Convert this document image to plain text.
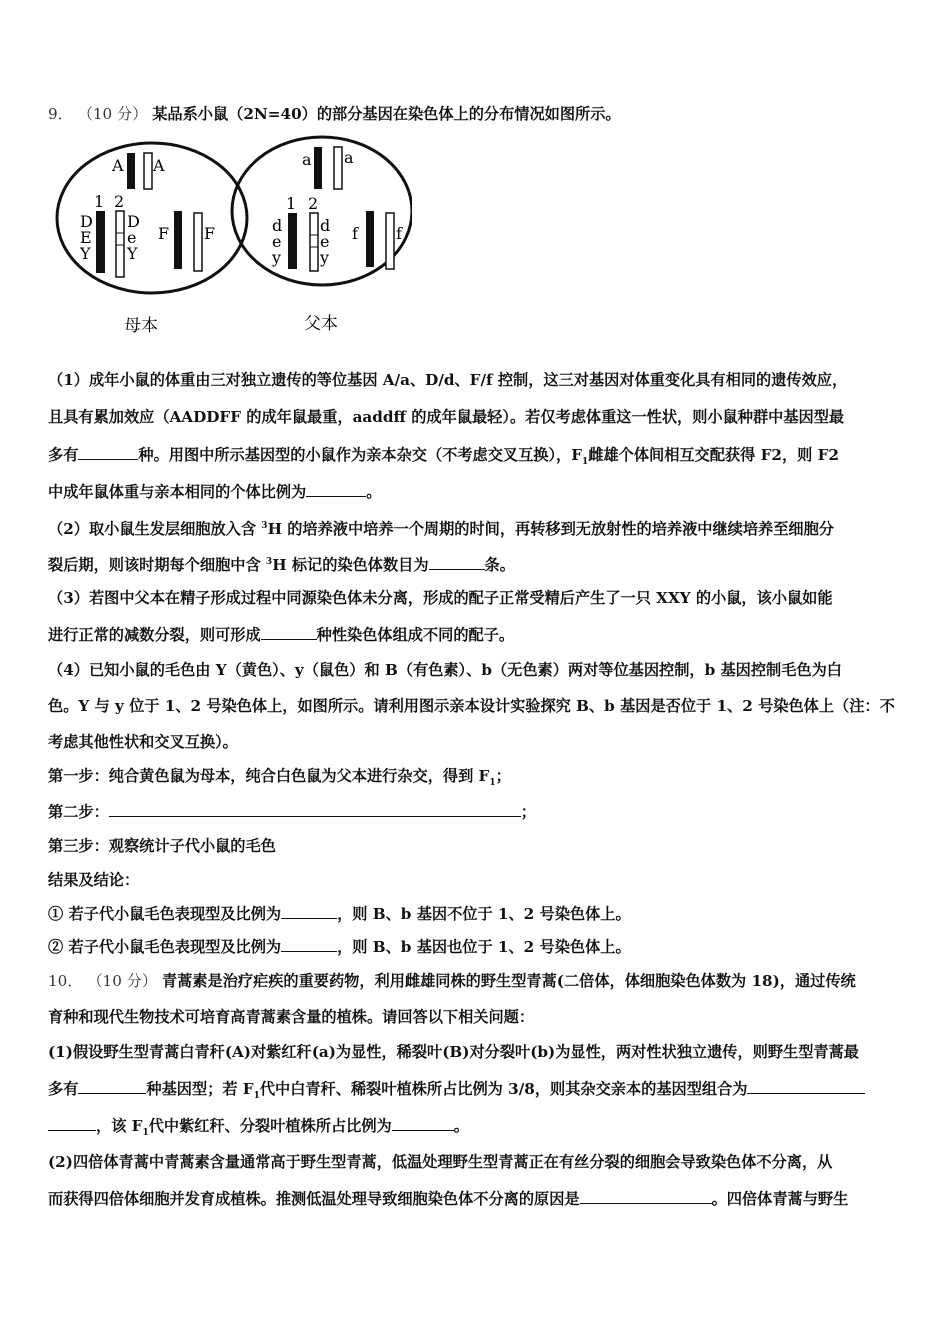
9． （10 分） 某品系小鼠（2N=40）的部分基因在染色体上的分布情况如图所示。
A A
1 2
D
E
Y
D
e
Y
F F
母本
a a
1 2
d
e
y
d
e
y
f f
父本
（1）成年小鼠的体重由三对独立遗传的等位基因 A/a、D/d、F/f 控制，这三对基因对体重变化具有相同的遗传效应，
且具有累加效应（AADDFF 的成年鼠最重，aaddff 的成年鼠最轻）。若仅考虑体重这一性状，则小鼠种群中基因型最
多有	种。用图中所示基因型的小鼠作为亲本杂交（不考虑交叉互换），$F_1$雌雄个体间相互交配获得 F2，则 F2
中成年鼠体重与亲本相同的个体比例为	。
（2）取小鼠生发层细胞放入含 $^3$H 的培养液中培养一个周期的时间，再转移到无放射性的培养液中继续培养至细胞分
裂后期，则该时期每个细胞中含 $^3$H 标记的染色体数目为	条。
（3）若图中父本在精子形成过程中同源染色体未分离，形成的配子正常受精后产生了一只 XXY 的小鼠，该小鼠如能
进行正常的减数分裂，则可形成	种性染色体组成不同的配子。
（4）已知小鼠的毛色由 Y（黄色）、y（鼠色）和 B（有色素）、b（无色素）两对等位基因控制，b 基因控制毛色为白
色。Y 与 y 位于 1、2 号染色体上，如图所示。请利用图示亲本设计实验探究 B、b 基因是否位于 1、2 号染色体上（注：不
考虑其他性状和交叉互换）。
第一步：纯合黄色鼠为母本，纯合白色鼠为父本进行杂交，得到 $F_1$；
第二步：	；
第三步：观察统计子代小鼠的毛色
结果及结论：
① 若子代小鼠毛色表现型及比例为	，则 B、b 基因不位于 1、2 号染色体上。
② 若子代小鼠毛色表现型及比例为	，则 B、b 基因也位于 1、2 号染色体上。
10． （10 分） 青蒿素是治疗疟疾的重要药物，利用雌雄同株的野生型青蒿(二倍体，体细胞染色体数为 18)，通过传统
育种和现代生物技术可培育高青蒿素含量的植株。请回答以下相关问题：
(1)假设野生型青蒿白青秆(A)对紫红秆(a)为显性，稀裂叶(B)对分裂叶(b)为显性，两对性状独立遗传，则野生型青蒿最
多有	种基因型；若 $F_1$代中白青秆、稀裂叶植株所占比例为 3/8，则其杂交亲本的基因型组合为
，该 $F_1$代中紫红秆、分裂叶植株所占比例为	。
(2)四倍体青蒿中青蒿素含量通常高于野生型青蒿，低温处理野生型青蒿正在有丝分裂的细胞会导致染色体不分离，从
而获得四倍体细胞并发育成植株。推测低温处理导致细胞染色体不分离的原因是	。四倍体青蒿与野生
